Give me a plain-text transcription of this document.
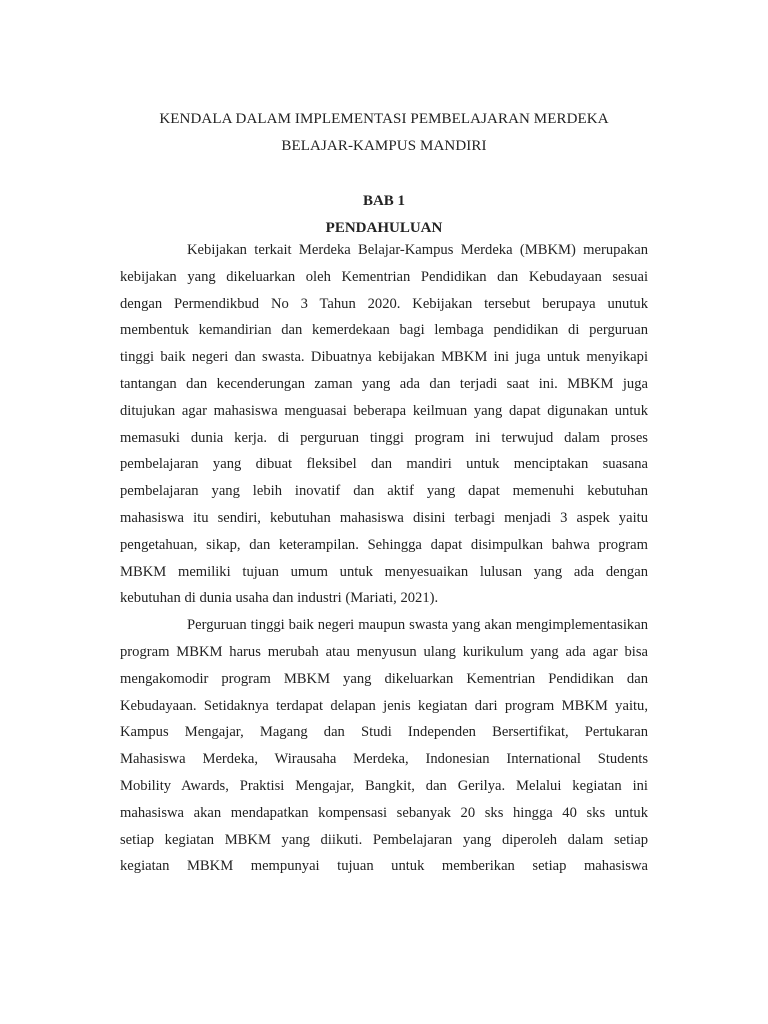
KENDALA DALAM IMPLEMENTASI PEMBELAJARAN MERDEKA
BELAJAR-KAMPUS MANDIRI
BAB 1
PENDAHULUAN
Kebijakan terkait Merdeka Belajar-Kampus Merdeka (MBKM) merupakan
kebijakan yang dikeluarkan oleh Kementrian Pendidikan dan Kebudayaan sesuai
dengan Permendikbud No 3 Tahun 2020. Kebijakan tersebut berupaya unutuk
membentuk kemandirian dan kemerdekaan bagi lembaga pendidikan di perguruan
tinggi baik negeri dan swasta. Dibuatnya kebijakan MBKM ini juga untuk menyikapi
tantangan dan kecenderungan zaman yang ada dan terjadi saat ini. MBKM juga
ditujukan agar mahasiswa menguasai beberapa keilmuan yang dapat digunakan untuk
memasuki dunia kerja. di perguruan tinggi program ini terwujud dalam proses
pembelajaran yang dibuat fleksibel dan mandiri untuk menciptakan suasana
pembelajaran yang lebih inovatif dan aktif yang dapat memenuhi kebutuhan
mahasiswa itu sendiri, kebutuhan mahasiswa disini terbagi menjadi 3 aspek yaitu
pengetahuan, sikap, dan keterampilan. Sehingga dapat disimpulkan bahwa program
MBKM memiliki tujuan umum untuk menyesuaikan lulusan yang ada dengan
kebutuhan di dunia usaha dan industri (Mariati, 2021).
Perguruan tinggi baik negeri maupun swasta yang akan mengimplementasikan
program MBKM harus merubah atau menyusun ulang kurikulum yang ada agar bisa
mengakomodir program MBKM yang dikeluarkan Kementrian Pendidikan dan
Kebudayaan. Setidaknya terdapat delapan jenis kegiatan dari program MBKM yaitu,
Kampus Mengajar, Magang dan Studi Independen Bersertifikat, Pertukaran
Mahasiswa Merdeka, Wirausaha Merdeka, Indonesian International Students
Mobility Awards, Praktisi Mengajar, Bangkit, dan Gerilya. Melalui kegiatan ini
mahasiswa akan mendapatkan kompensasi sebanyak 20 sks hingga 40 sks untuk
setiap kegiatan MBKM yang diikuti. Pembelajaran yang diperoleh dalam setiap
kegiatan MBKM mempunyai tujuan untuk memberikan setiap mahasiswa
